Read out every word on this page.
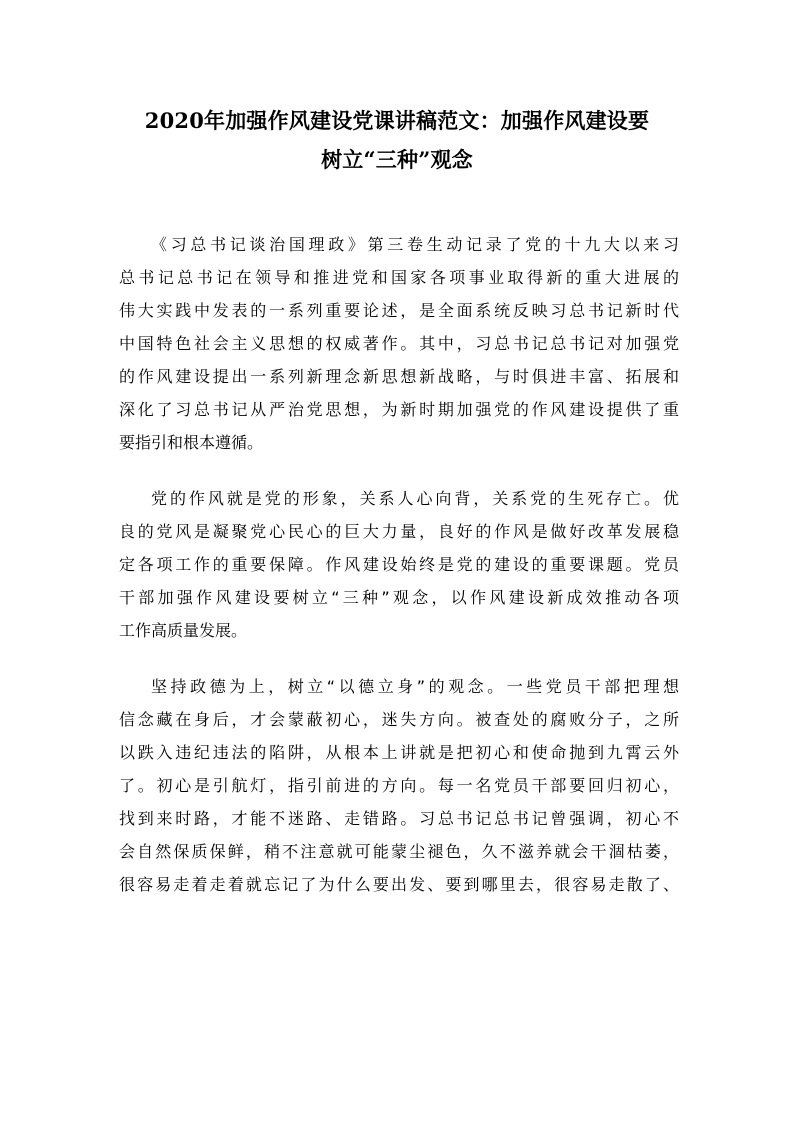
2020年加强作风建设党课讲稿范文：加强作风建设要
树立“三种”观念

《习总书记谈治国理政》第三卷生动记录了党的十九大以来习
总书记总书记在领导和推进党和国家各项事业取得新的重大进展的
伟大实践中发表的一系列重要论述，是全面系统反映习总书记新时代
中国特色社会主义思想的权威著作。其中，习总书记总书记对加强党
的作风建设提出一系列新理念新思想新战略，与时俱进丰富、拓展和
深化了习总书记从严治党思想，为新时期加强党的作风建设提供了重
要指引和根本遵循。

党的作风就是党的形象，关系人心向背，关系党的生死存亡。优
良的党风是凝聚党心民心的巨大力量，良好的作风是做好改革发展稳
定各项工作的重要保障。作风建设始终是党的建设的重要课题。党员
干部加强作风建设要树立“三种”观念，以作风建设新成效推动各项
工作高质量发展。

坚持政德为上，树立“以德立身”的观念。一些党员干部把理想
信念藏在身后，才会蒙蔽初心，迷失方向。被查处的腐败分子，之所
以跌入违纪违法的陷阱，从根本上讲就是把初心和使命抛到九霄云外
了。初心是引航灯，指引前进的方向。每一名党员干部要回归初心，
找到来时路，才能不迷路、走错路。习总书记总书记曾强调，初心不
会自然保质保鲜，稍不注意就可能蒙尘褪色，久不滋养就会干涸枯萎，
很容易走着走着就忘记了为什么要出发、要到哪里去，很容易走散了、
